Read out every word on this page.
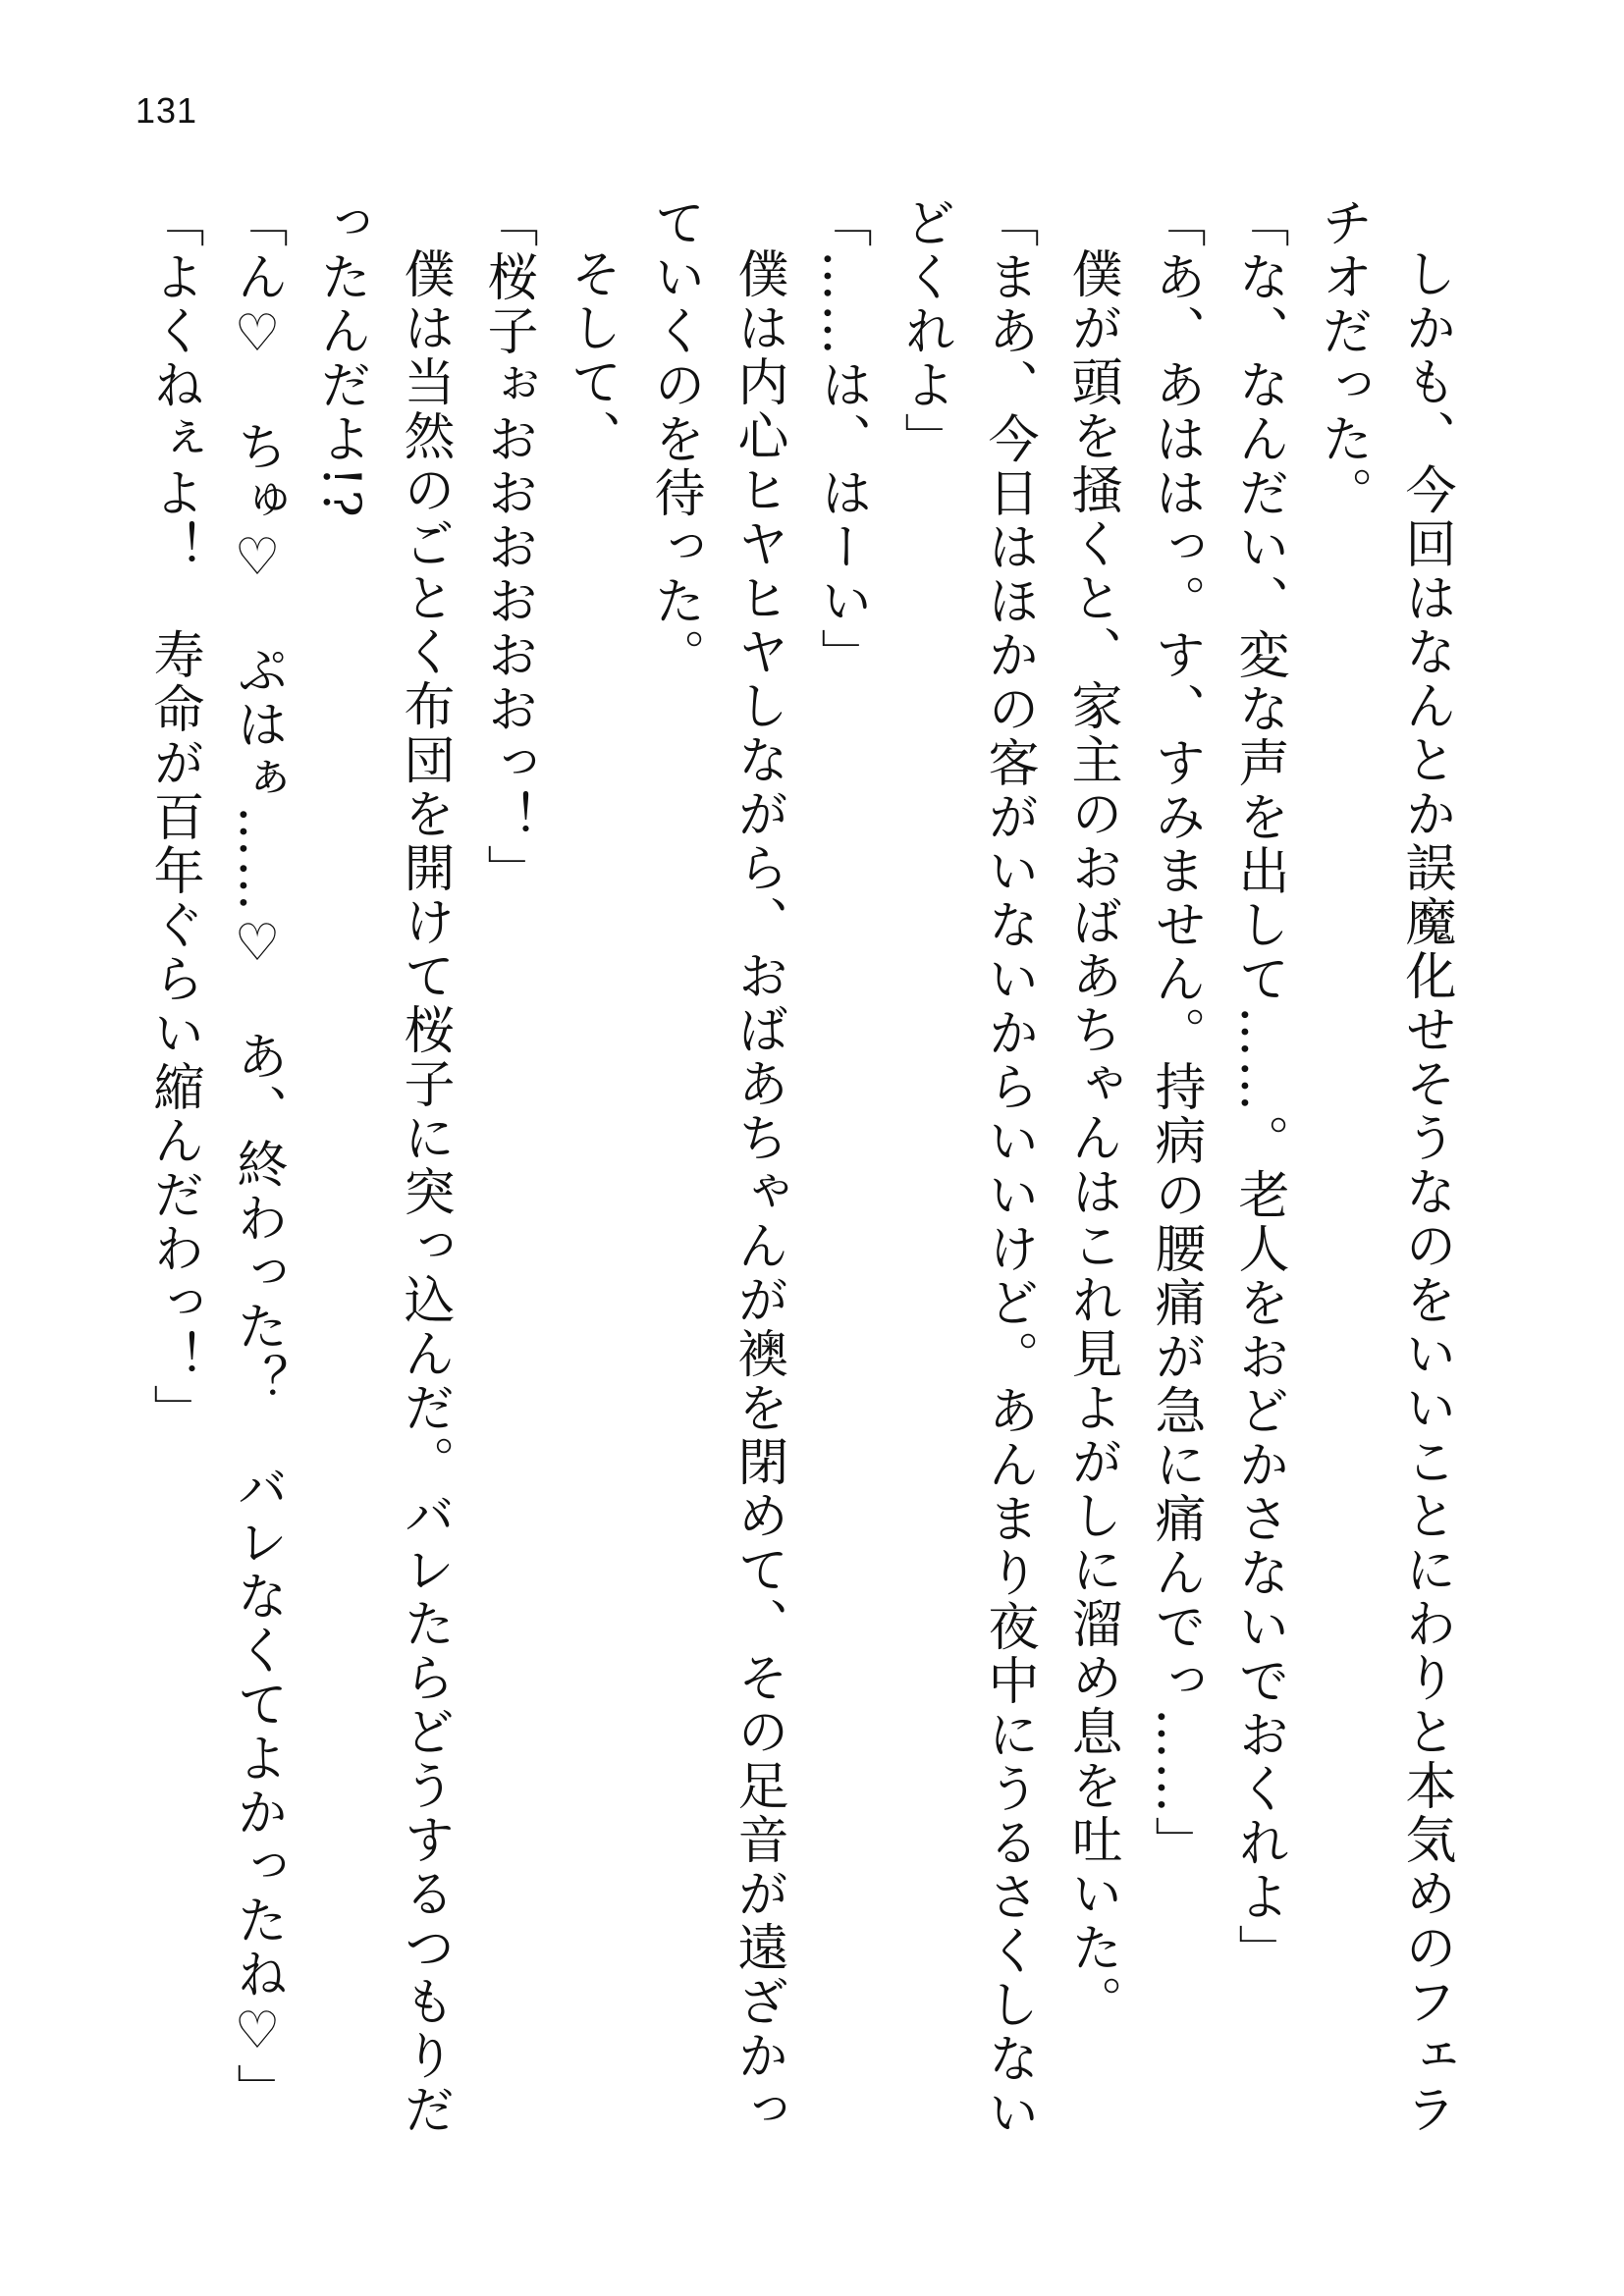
131

しかも、今回はなんとか誤魔化せそうなのをいいことにわりと本気めのフェラチオだった。

「な、なんだい、変な声を出して……。老人をおどかさないでおくれよ」

「あ、あははっ。す、すみません。持病の腰痛が急に痛んでっ……」

僕が頭を掻くと、家主のおばあちゃんはこれ見よがしに溜め息を吐いた。

「まあ、今日はほかの客がいないからいいけど。あんまり夜中にうるさくしないどくれよ」

「……は、はーい」

僕は内心ヒヤヒヤしながら、おばあちゃんが襖を閉めて、その足音が遠ざかっていくのを待った。

そして、

「桜子ぉおおおおおおっ！」

僕は当然のごとく布団を開けて桜子に突っ込んだ。バレたらどうするつもりだったんだよ!?

「ん♡　ちゅ♡　ぷはぁ……♡　あ、終わった？　バレなくてよかったね♡」

「よくねぇよ！　寿命が百年ぐらい縮んだわっ！」
